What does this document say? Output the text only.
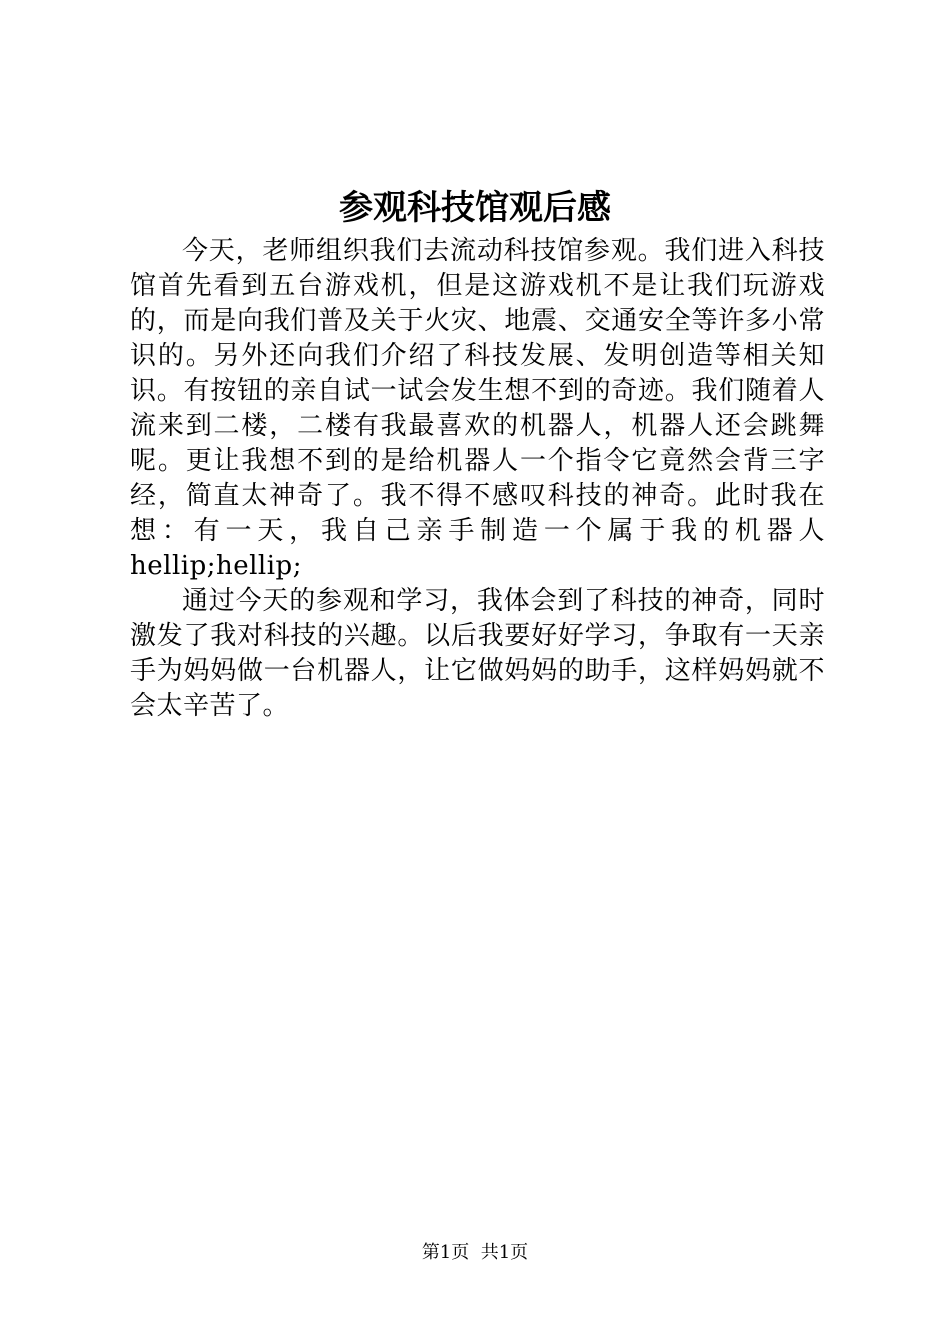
参观科技馆观后感

今天，老师组织我们去流动科技馆参观。我们进入科技馆首先看到五台游戏机，但是这游戏机不是让我们玩游戏的，而是向我们普及关于火灾、地震、交通安全等许多小常识的。另外还向我们介绍了科技发展、发明创造等相关知识。有按钮的亲自试一试会发生想不到的奇迹。我们随着人流来到二楼，二楼有我最喜欢的机器人，机器人还会跳舞呢。更让我想不到的是给机器人一个指令它竟然会背三字经，简直太神奇了。我不得不感叹科技的神奇。此时我在想：有一天，我自己亲手制造一个属于我的机器人hellip;hellip;

通过今天的参观和学习，我体会到了科技的神奇，同时激发了我对科技的兴趣。以后我要好好学习，争取有一天亲手为妈妈做一台机器人，让它做妈妈的助手，这样妈妈就不会太辛苦了。

第1页 共1页
